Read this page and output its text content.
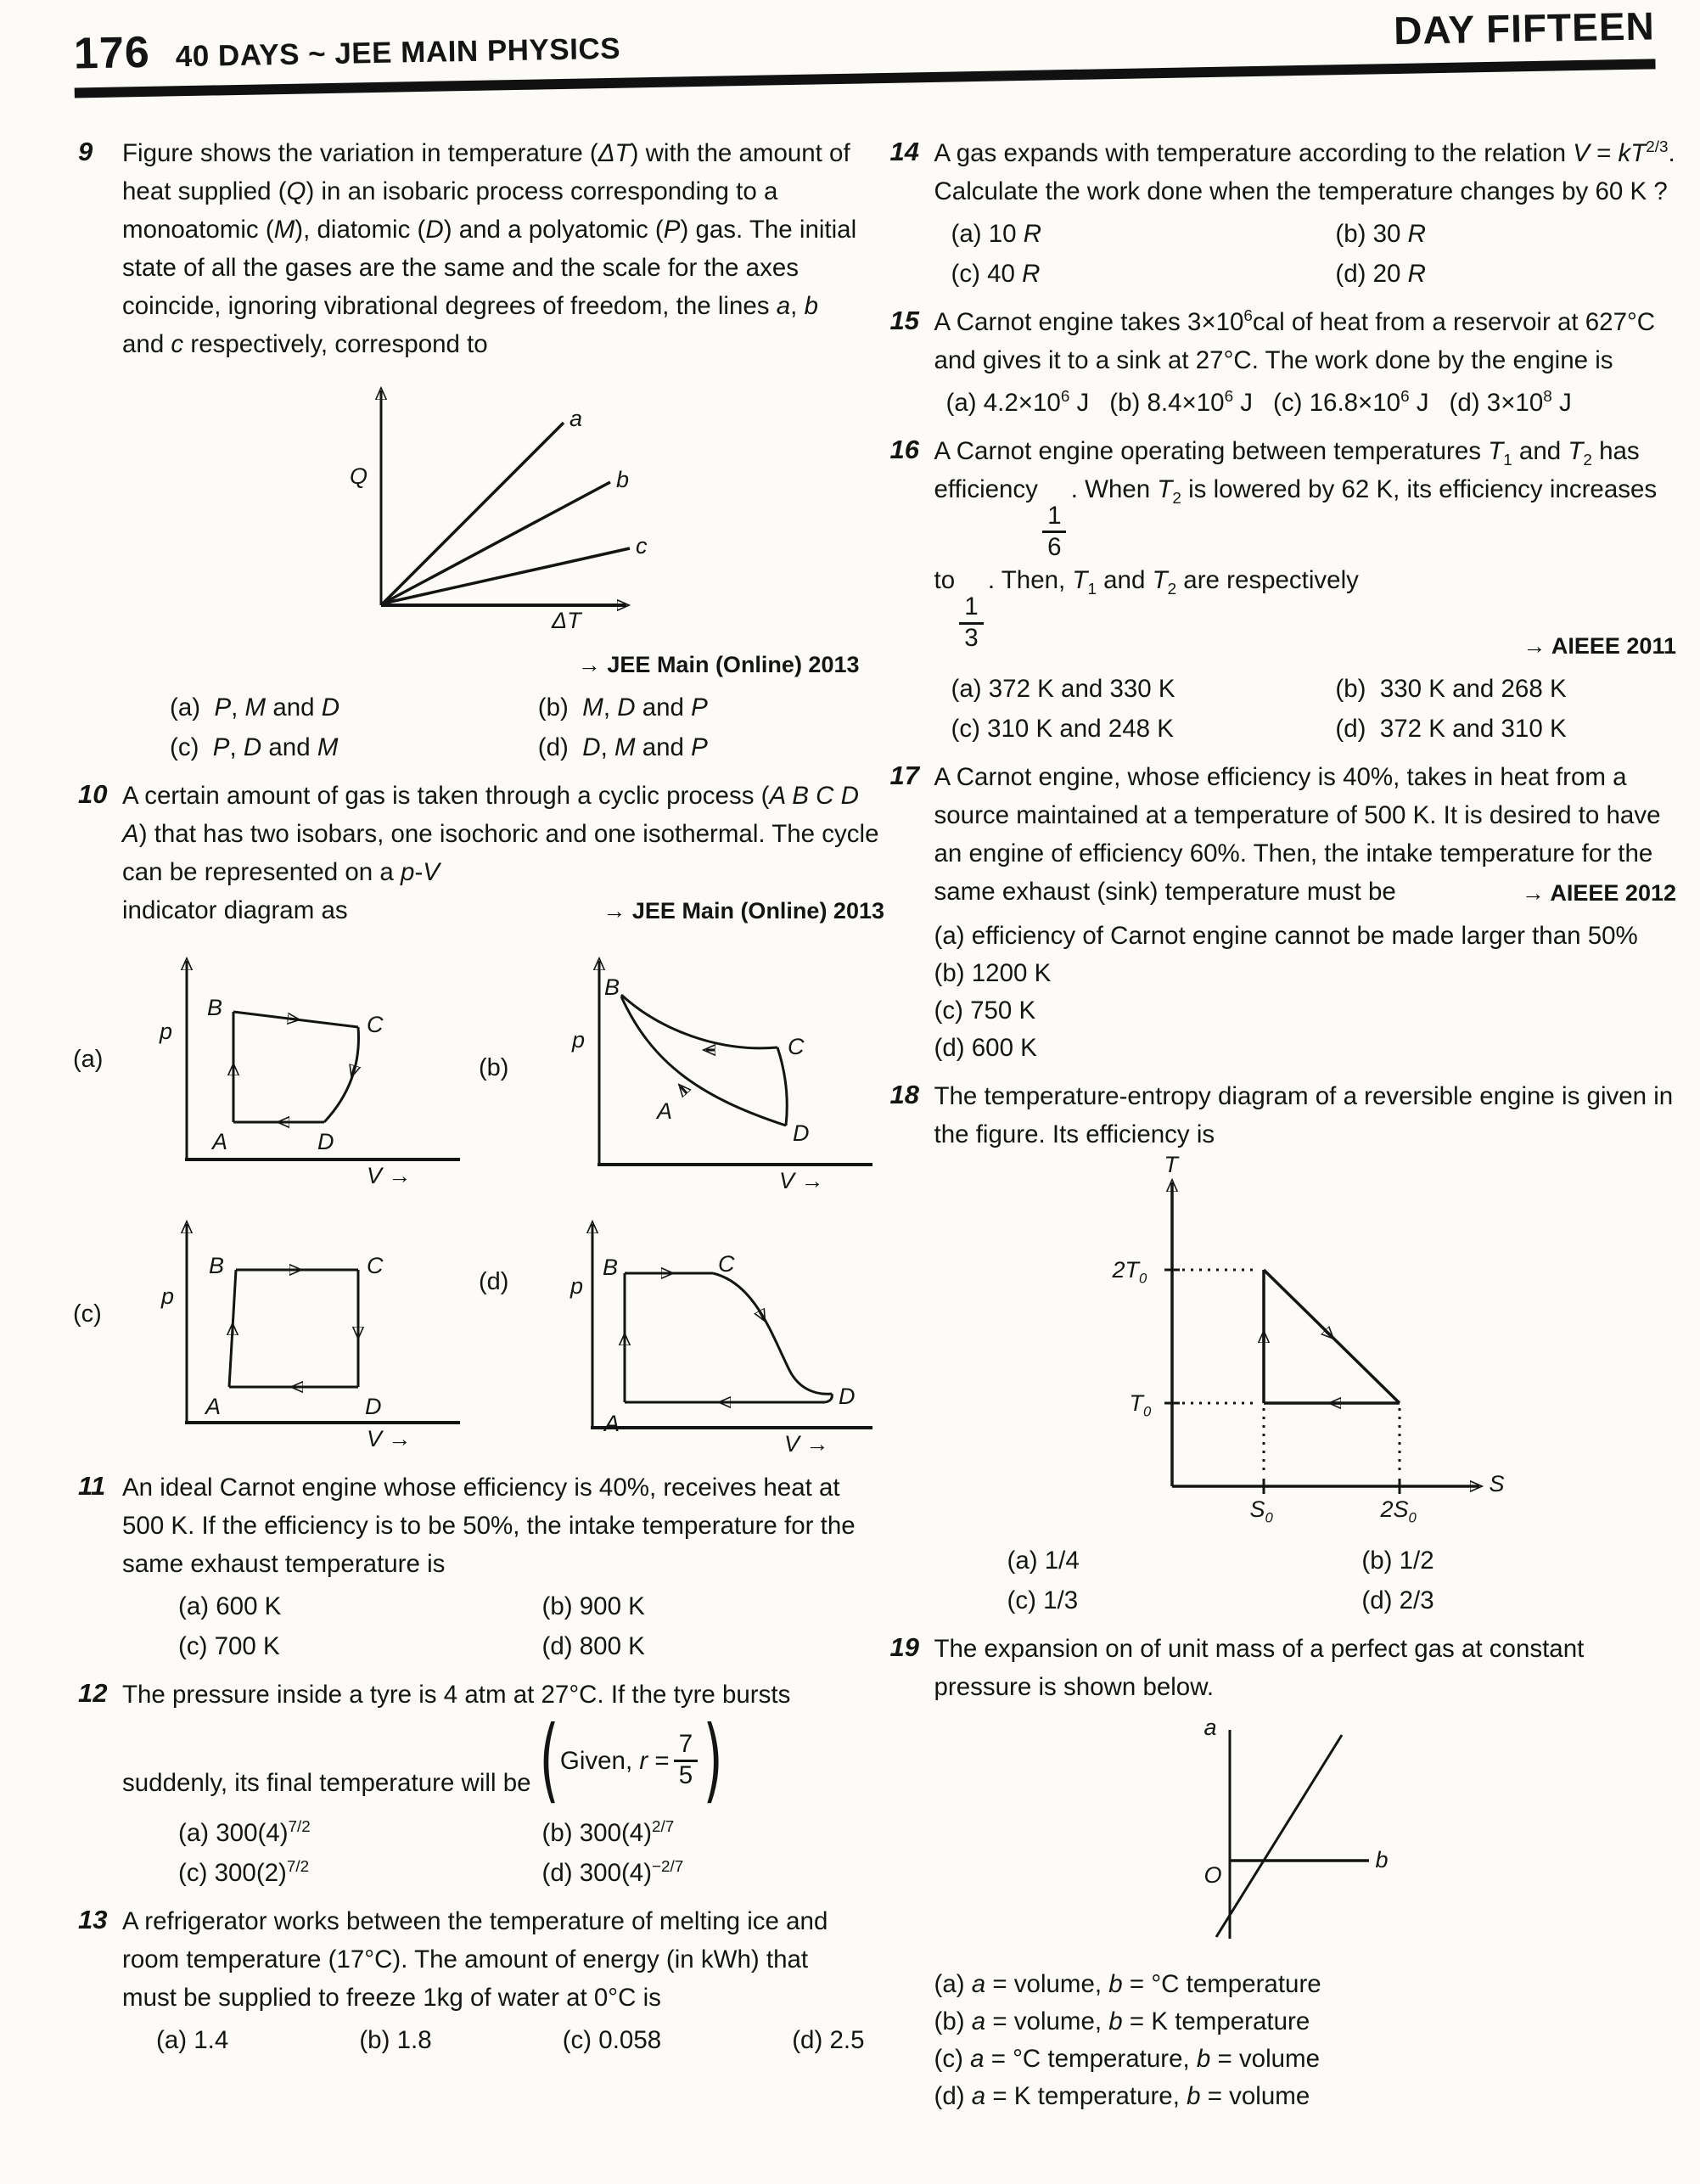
176 40 DAYS ~ JEE MAIN PHYSICS
DAY FIFTEEN
9	Figure shows the variation in temperature (ΔT) with the amount of heat supplied (Q) in an isobaric process corresponding to a monoatomic (M), diatomic (D) and a polyatomic (P) gas. The initial state of all the gases are the same and the scale for the axes coincide, ignoring vibrational degrees of freedom, the lines a, b and c respectively, correspond to
Q
ΔT
a
b
c
→ JEE Main (Online) 2013
(a)  P, M and D	(b)  M, D and P
(c)  P, D and M	(d)  D, M and P
10 A certain amount of gas is taken through a cyclic process (A B C D A) that has two isobars, one isochoric and one isothermal. The cycle can be represented on a p-V
indicator diagram as	→ JEE Main (Online) 2013
(a)
p
V →
B
C
A	D
(b)
p
V →
B
C
A
D
(c)
p
V →
B	C
A	D
(d)	p
V →
B	C
A
D
11 An ideal Carnot engine whose efficiency is 40%, receives heat at 500 K. If the efficiency is to be 50%, the intake temperature for the same exhaust temperature is
(a) 600 K	(b) 900 K
(c) 700 K	(d) 800 K
12 The pressure inside a tyre is 4 atm at 27°C. If the tyre bursts suddenly, its final temperature will be ( Given, $r = \frac{7}{5}$ )
(a) $300(4)^{7/2}$	(b) $300(4)^{2/7}$
(c) $300(2)^{7/2}$	(d) $300(4)^{-2/7}$
13 A refrigerator works between the temperature of melting ice and room temperature (17°C). The amount of energy (in kWh) that must be supplied to freeze 1kg of water at 0°C is
(a) 1.4	(b) 1.8	(c) 0.058	(d) 2.5
14 A gas expands with temperature according to the relation $V = kT^{2/3}$. Calculate the work done when the temperature changes by 60 K ?
(a) 10 R	(b) 30 R
(c) 40 R	(d) 20 R
15 A Carnot engine takes $3\times 10^6cal$ of heat from a reservoir at 627°C and gives it to a sink at 27°C. The work done by the engine is
(a) $4.2\times 10^6$ J (b) $8.4\times 10^6$ J (c) $16.8\times 10^6$ J (d) $3\times 10^8$ J
16 A Carnot engine operating between temperatures $T_1$ and $T_2$ has efficiency
$\frac{1}{6}$
. When $T_2$ is lowered by 62 K, its efficiency increases to
$\frac{1}{3}$
. Then, $T_1$ and $T_2$ are respectively
→ AIEEE 2011
(a) 372 K and 330 K	(b)  330 K and 268 K
(c) 310 K and 248 K	(d)  372 K and 310 K
17 A Carnot engine, whose efficiency is 40%, takes in heat from a source maintained at a temperature of 500 K. It is desired to have an engine of efficiency 60%. Then, the intake temperature for the same exhaust (sink) temperature must be	→ AIEEE 2012
(a) efficiency of Carnot engine cannot be made larger than 50%
(b) 1200 K
(c) 750 K
(d) 600 K
18 The temperature-entropy diagram of a reversible engine is given in the figure. Its efficiency is
T
S
$2T_0$
$T_0$
$S_0$	$2S_0$
(a) 1/4	(b) 1/2
(c) 1/3	(d) 2/3
19 The expansion on of unit mass of a perfect gas at constant pressure is shown below.
a
O
b
(a) a = volume, b = °C temperature
(b) a = volume, b = K temperature
(c) a = °C temperature, b = volume
(d) a = K temperature, b = volume
